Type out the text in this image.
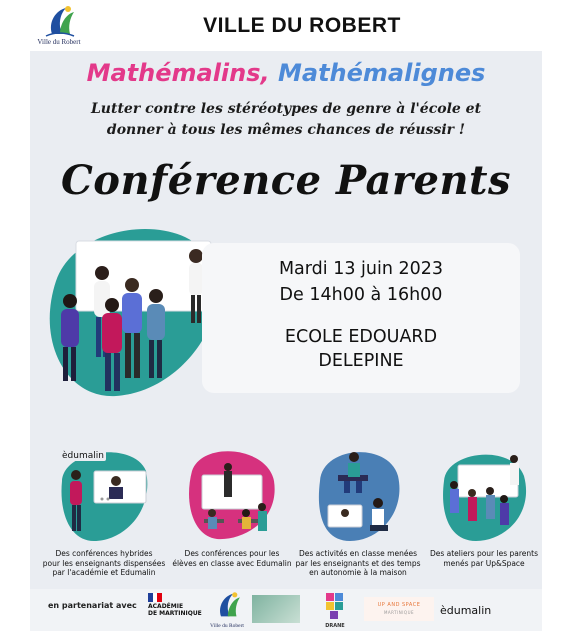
Ville du Robert
VILLE DU ROBERT
Mathémalins, Mathémalignes
Lutter contre les stéréotypes de genre à l'école et
donner à tous les mêmes chances de réussir !
Conférence Parents
Mardi 13 juin 2023
De 14h00 à 16h00
ECOLE EDOUARD
DELEPINE
èdumalin
Des conférences hybrides
pour les enseignants dispensées
par l'académie et Edumalin
Des conférences pour les
élèves en classe avec Edumalin
Des activités en classe menées
par les enseignants et des temps
en autonomie à la maison
Des ateliers pour les parents
menés par Up&Space
en partenariat avec ACADÉMIE
DE MARTINIQUE
Ville du Robert	DRANE
UP AND SPACE
MARTINIQUE	èdumalin
